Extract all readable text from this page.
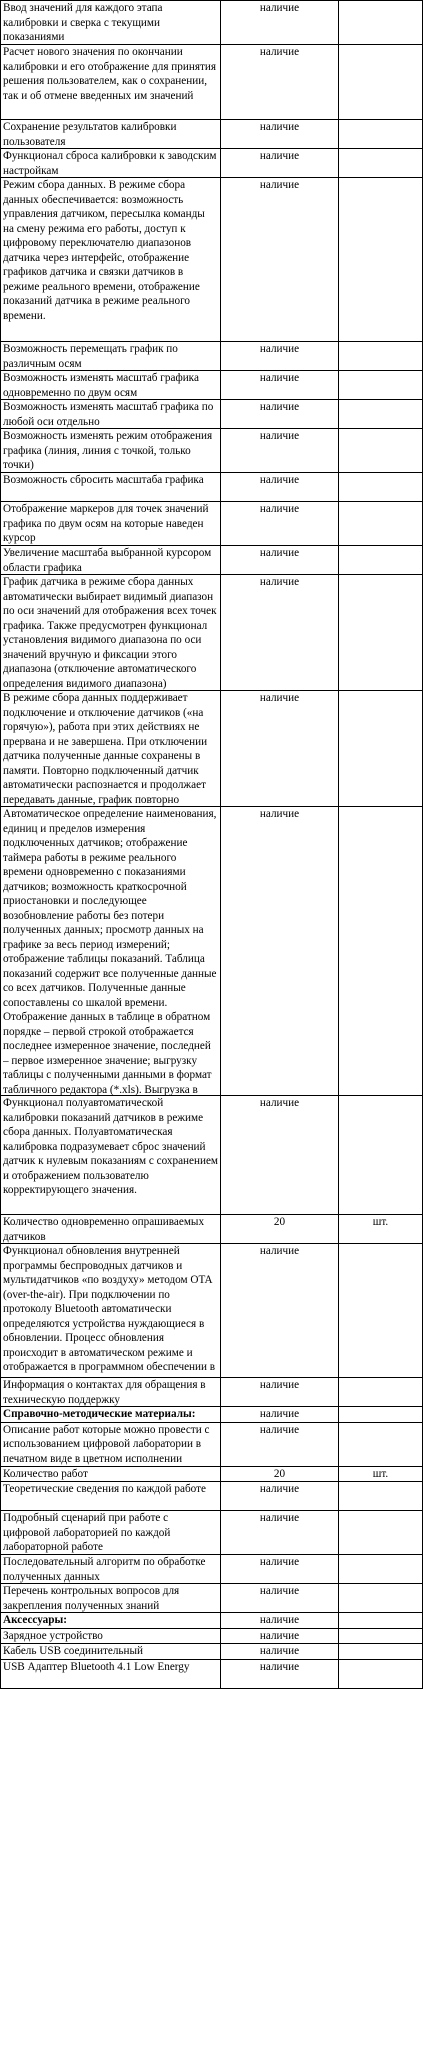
Ввод значений для каждого этапа калибровки и сверка с текущими показаниями	наличие	

Расчет нового значения по окончании калибровки и его отображение для принятия решения пользователем, как о сохранении, так и об отмене введенных им значений	наличие	

Сохранение результатов калибровки пользователя	наличие	

Функционал сброса калибровки к заводским настройкам	наличие	

Режим сбора данных. В режиме сбора данных обеспечивается: возможность управления датчиком, пересылка команды на смену режима его работы, доступ к цифровому переключателю диапазонов датчика через интерфейс, отображение графиков датчика и связки датчиков в режиме реального времени, отображение показаний датчика в режиме реального времени.	наличие	

Возможность перемещать график по различным осям	наличие	

Возможность изменять масштаб графика одновременно по двум осям	наличие	

Возможность изменять масштаб графика по любой оси отдельно	наличие	

Возможность изменять режим отображения графика (линия, линия с точкой, только точки)	наличие	

Возможность сбросить масштаба графика	наличие	

Отображение маркеров для точек значений графика по двум осям на которые наведен курсор	наличие	

Увеличение масштаба выбранной курсором области графика	наличие	

График датчика в режиме сбора данных автоматически выбирает видимый диапазон по оси значений для отображения всех точек графика. Также предусмотрен функционал установления видимого диапазона по оси значений вручную и фиксации этого диапазона (отключение автоматического определения видимого диапазона)	наличие	

В режиме сбора данных поддерживает подключение и отключение датчиков («на горячую»), работа при этих действиях не прервана и не завершена. При отключении датчика полученные данные сохранены в памяти. Повторно подключенный датчик автоматически распознается и продолжает передавать данные, график повторно	наличие	

Автоматическое определение наименования, единиц и пределов измерения подключенных датчиков; отображение таймера работы в режиме реального времени одновременно с показаниями датчиков; возможность краткосрочной приостановки и последующее возобновление работы без потери полученных данных; просмотр данных на графике за весь период измерений; отображение таблицы показаний. Таблица показаний содержит все полученные данные со всех датчиков. Полученные данные сопоставлены со шкалой времени. Отображение данных в таблице в обратном порядке – первой строкой отображается последнее измеренное значение, последней – первое измеренное значение; выгрузку таблицы с полученными данными в формат табличного редактора (*.xls). Выгрузка в	наличие	

Функционал полуавтоматической калибровки показаний датчиков в режиме сбора данных. Полуавтоматическая калибровка подразумевает сброс значений датчик к нулевым показаниям с сохранением и отображением пользователю корректирующего значения.	наличие	

Количество одновременно опрашиваемых датчиков	20	шт.

Функционал обновления внутренней программы беспроводных датчиков и мультидатчиков «по воздуху» методом OTA (over-the-air). При подключении по протоколу Bluetooth автоматически определяются устройства нуждающиеся в обновлении. Процесс обновления происходит в автоматическом режиме и отображается в программном обеспечении в	наличие	

Информация о контактах для обращения в техническую поддержку	наличие	

Справочно-методические материалы:	наличие	

Описание работ которые можно провести с использованием цифровой лаборатории в печатном виде в цветном исполнении	наличие	

Количество работ	20	шт.

Теоретические сведения по каждой работе	наличие	

Подробный сценарий при работе с цифровой лабораторией по каждой лабораторной работе	наличие	

Последовательный алгоритм по обработке полученных данных	наличие	

Перечень контрольных вопросов для закрепления полученных знаний	наличие	

Аксессуары:	наличие	

Зарядное устройство	наличие	

Кабель USB соединительный	наличие	

USB Адаптер Bluetooth 4.1 Low Energy	наличие	
